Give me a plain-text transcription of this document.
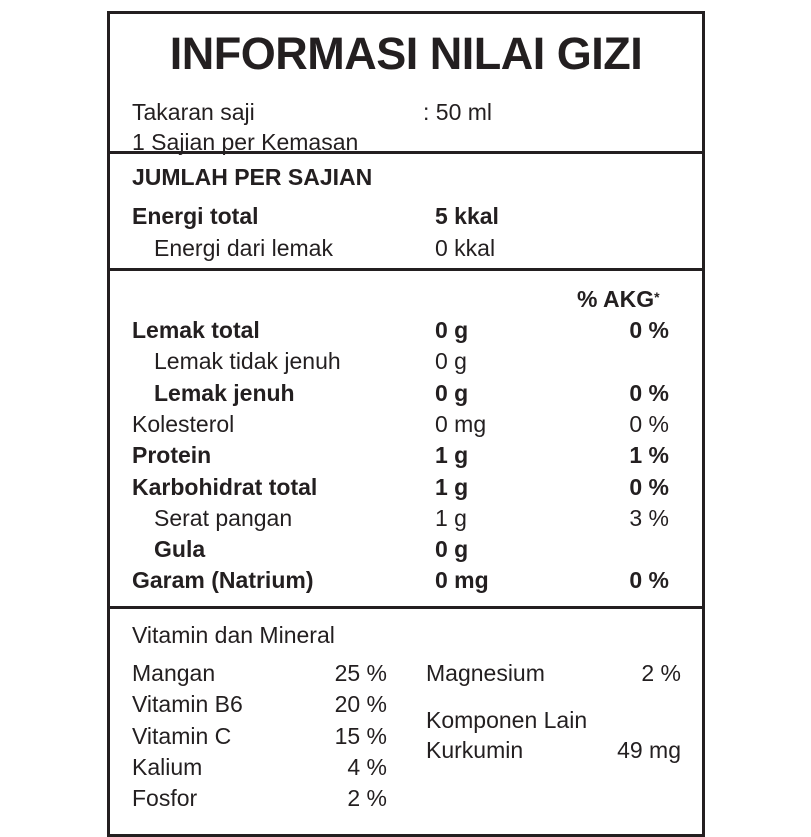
INFORMASI NILAI GIZI
Takaran saji	: 50 ml
1 Sajian per Kemasan
JUMLAH PER SAJIAN
Energi total	5 kkal
Energi dari lemak	0 kkal
% AKG*
Lemak total	0 g	0 %
Lemak tidak jenuh	0 g
Lemak jenuh	0 g	0 %
Kolesterol	0 mg	0 %
Protein	1 g	1 %
Karbohidrat total	1 g	0 %
Serat pangan	1 g	3 %
Gula	0 g
Garam (Natrium)	0 mg	0 %
Vitamin dan Mineral
Mangan	25 %
Vitamin B6	20 %
Vitamin C	15 %
Kalium	4 %
Fosfor	2 %
Magnesium	2 %
Komponen Lain
Kurkumin	49 mg
